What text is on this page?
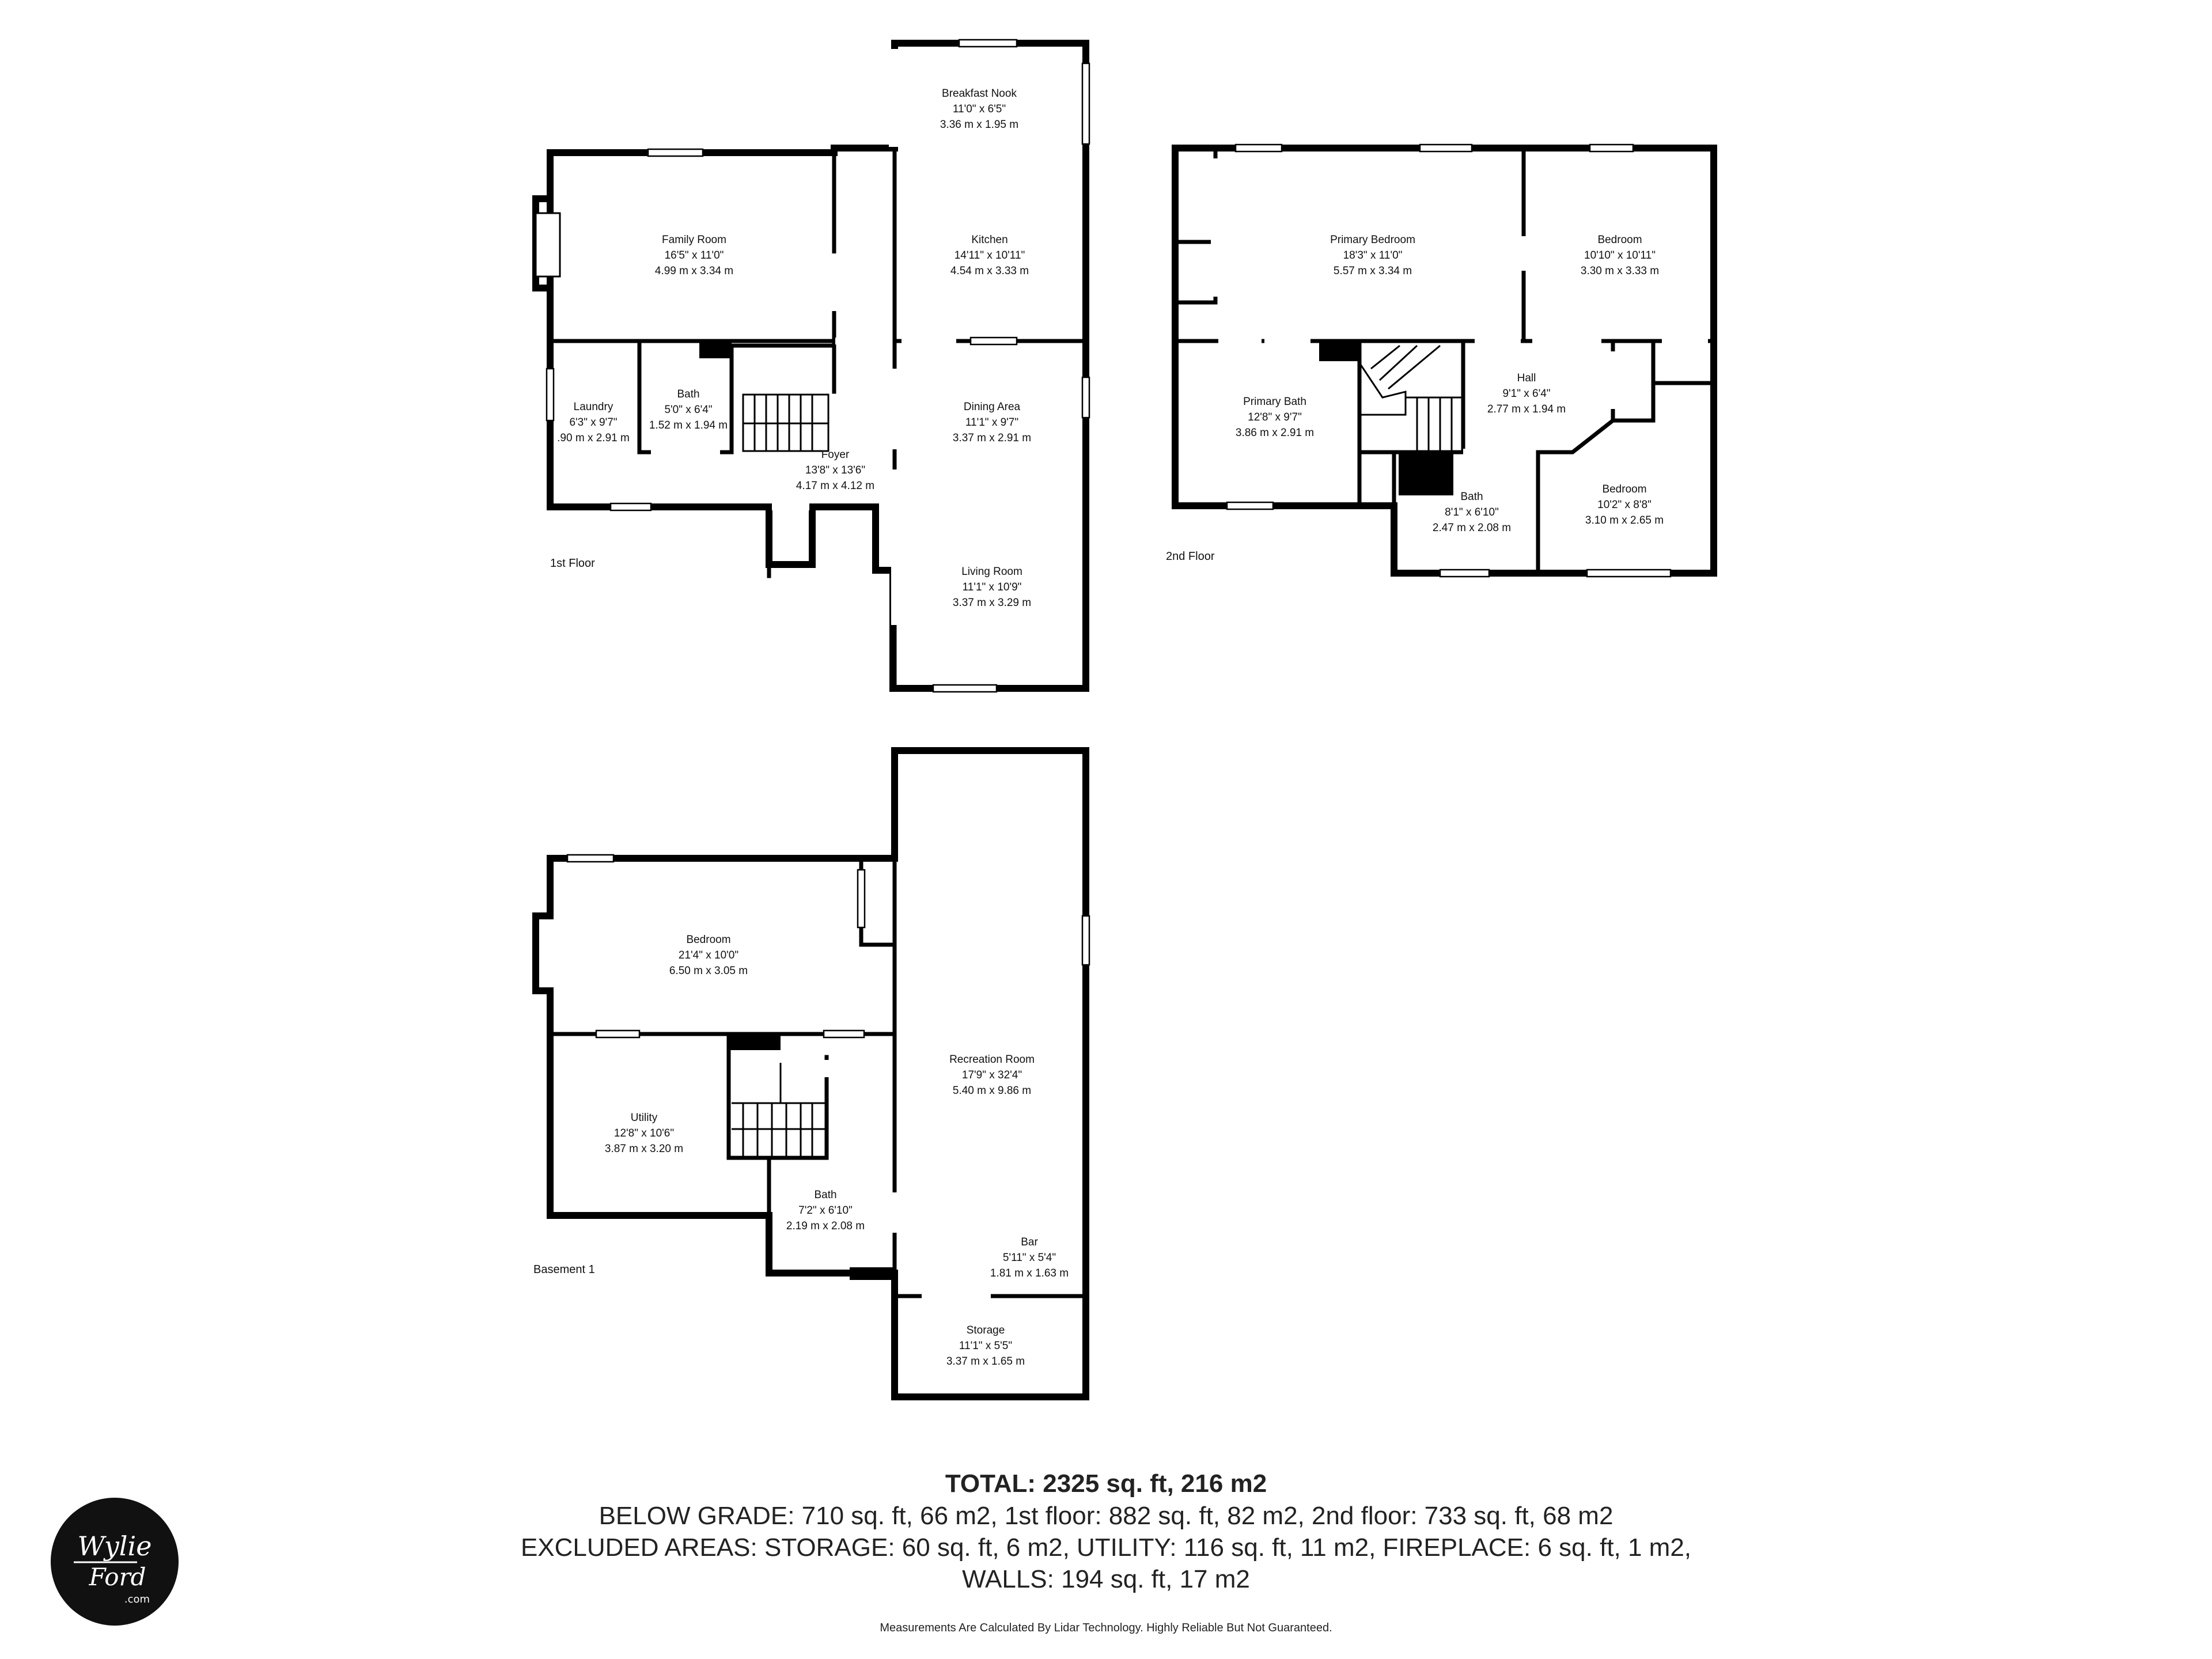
Breakfast Nook
11'0" x 6'5"
3.36 m x 1.95 m
Family Room
16'5" x 11'0"
4.99 m x 3.34 m
Kitchen
14'11" x 10'11"
4.54 m x 3.33 m
Laundry
6'3" x 9'7"
.90 m x 2.91 m
Bath
5'0" x 6'4"
1.52 m x 1.94 m
Dining Area
11'1" x 9'7"
3.37 m x 2.91 m
Foyer
13'8" x 13'6"
4.17 m x 4.12 m
Living Room
11'1" x 10'9"
3.37 m x 3.29 m
Primary Bedroom
18'3" x 11'0"
5.57 m x 3.34 m
Bedroom
10'10" x 10'11"
3.30 m x 3.33 m
Primary Bath
12'8" x 9'7"
3.86 m x 2.91 m
Hall
9'1" x 6'4"
2.77 m x 1.94 m
Bath
8'1" x 6'10"
2.47 m x 2.08 m
Bedroom
10'2" x 8'8"
3.10 m x 2.65 m
Bedroom
21'4" x 10'0"
6.50 m x 3.05 m
Recreation Room
17'9" x 32'4"
5.40 m x 9.86 m
Utility
12'8" x 10'6"
3.87 m x 3.20 m
Bath
7'2" x 6'10"
2.19 m x 2.08 m
Bar
5'11" x 5'4"
1.81 m x 1.63 m
Storage
11'1" x 5'5"
3.37 m x 1.65 m
1st Floor
2nd Floor
Basement 1
TOTAL: 2325 sq. ft, 216 m2
BELOW GRADE: 710 sq. ft, 66 m2, 1st floor: 882 sq. ft, 82 m2, 2nd floor: 733 sq. ft, 68 m2
EXCLUDED AREAS: STORAGE: 60 sq. ft, 6 m2, UTILITY: 116 sq. ft, 11 m2, FIREPLACE: 6 sq. ft, 1 m2,
WALLS: 194 sq. ft, 17 m2
Measurements Are Calculated By Lidar Technology. Highly Reliable But Not Guaranteed.
Wylie
Ford
.com
